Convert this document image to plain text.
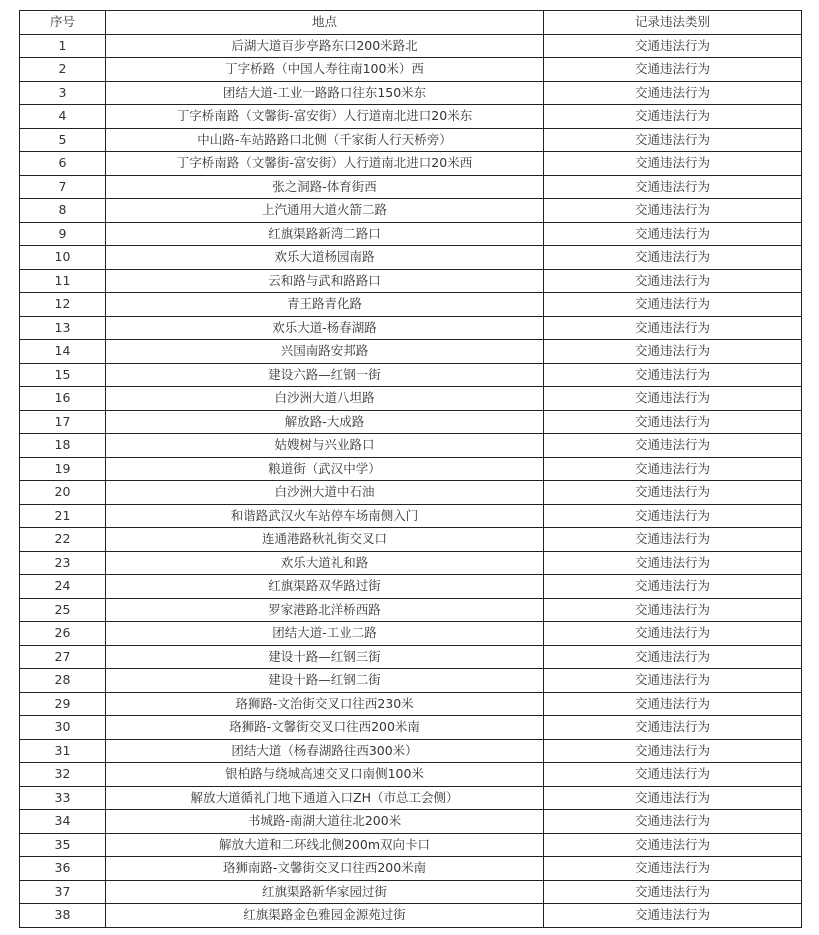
序号	地点	记录违法类别
1	后湖大道百步亭路东口200米路北	交通违法行为
2	丁字桥路（中国人寿往南100米）西	交通违法行为
3	团结大道-工业一路路口往东150米东	交通违法行为
4	丁字桥南路（文馨街-富安街）人行道南北进口20米东	交通违法行为
5	中山路-车站路路口北侧（千家街人行天桥旁）	交通违法行为
6	丁字桥南路（文馨街-富安街）人行道南北进口20米西	交通违法行为
7	张之洞路-体育街西	交通违法行为
8	上汽通用大道火箭二路	交通违法行为
9	红旗渠路新湾二路口	交通违法行为
10	欢乐大道杨园南路	交通违法行为
11	云和路与武和路路口	交通违法行为
12	青王路青化路	交通违法行为
13	欢乐大道-杨春湖路	交通违法行为
14	兴国南路安邦路	交通违法行为
15	建设六路—红钢一街	交通违法行为
16	白沙洲大道八坦路	交通违法行为
17	解放路-大成路	交通违法行为
18	姑嫂树与兴业路口	交通违法行为
19	粮道街（武汉中学）	交通违法行为
20	白沙洲大道中石油	交通违法行为
21	和谐路武汉火车站停车场南侧入门	交通违法行为
22	连通港路秋礼街交叉口	交通违法行为
23	欢乐大道礼和路	交通违法行为
24	红旗渠路双华路过街	交通违法行为
25	罗家港路北洋桥西路	交通违法行为
26	团结大道-工业二路	交通违法行为
27	建设十路—红钢三街	交通违法行为
28	建设十路—红钢二街	交通违法行为
29	珞狮路-文治街交叉口往西230米	交通违法行为
30	珞狮路-文馨街交叉口往西200米南	交通违法行为
31	团结大道（杨春湖路往西300米）	交通违法行为
32	银柏路与绕城高速交叉口南侧100米	交通违法行为
33	解放大道循礼门地下通道入口ZH（市总工会侧）	交通违法行为
34	书城路-南湖大道往北200米	交通违法行为
35	解放大道和二环线北侧200m双向卡口	交通违法行为
36	珞狮南路-文馨街交叉口往西200米南	交通违法行为
37	红旗渠路新华家园过街	交通违法行为
38	红旗渠路金色雅园金源苑过街	交通违法行为
